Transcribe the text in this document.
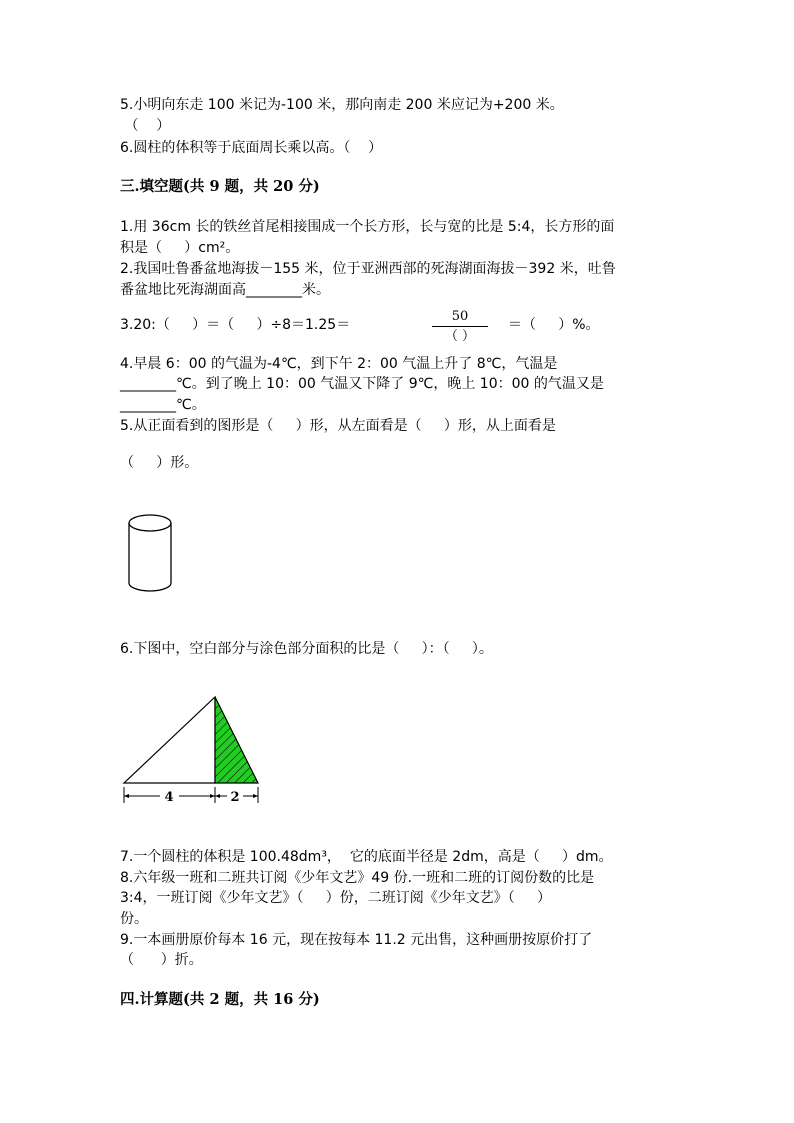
5.小明向东走 100 米记为-100 米，那向南走 200 米应记为+200 米。
（    ）
6.圆柱的体积等于底面周长乘以高。（    ）
三.填空题(共 9 题，共 20 分)
1.用 36cm 长的铁丝首尾相接围成一个长方形，长与宽的比是 5:4，长方形的面
积是（     ）cm²。
2.我国吐鲁番盆地海拔－155 米，位于亚洲西部的死海湖面海拔－392 米，吐鲁
番盆地比死海湖面高________米。
3.20:（     ）＝（     ）÷8＝1.25＝
50
（ ）
＝（     ）%。
4.早晨 6：00 的气温为-4℃，到下午 2：00 气温上升了 8℃，气温是
________℃。到了晚上 10：00 气温又下降了 9℃，晚上 10：00 的气温又是
________℃。
5.从正面看到的图形是（     ）形，从左面看是（     ）形，从上面看是
（     ）形。
6.下图中，空白部分与涂色部分面积的比是（     ）：（     ）。
4	2
7.一个圆柱的体积是 100.48dm³，  它的底面半径是 2dm，高是（     ）dm。
8.六年级一班和二班共订阅《少年文艺》49 份.一班和二班的订阅份数的比是
3:4，一班订阅《少年文艺》（     ）份，二班订阅《少年文艺》（     ）
份。
9.一本画册原价每本 16 元，现在按每本 11.2 元出售，这种画册按原价打了
（      ）折。
四.计算题(共 2 题，共 16 分)
